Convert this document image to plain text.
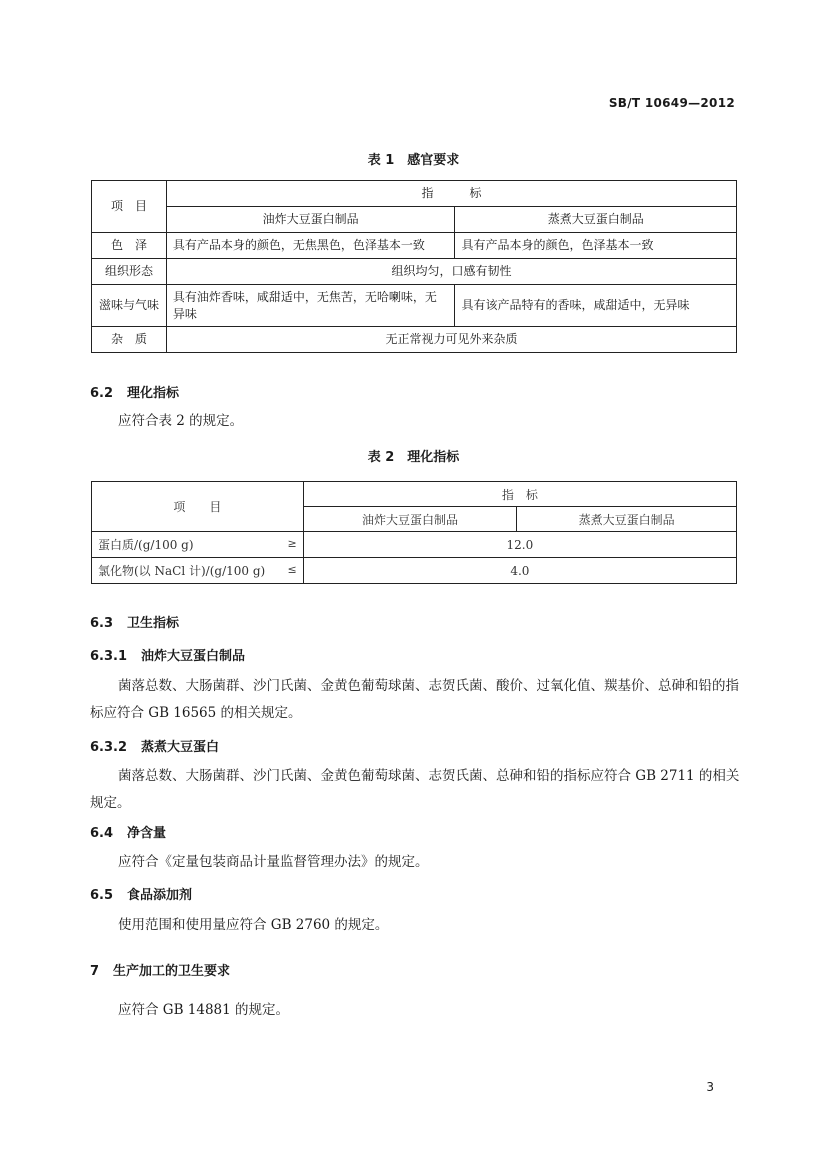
SB/T 10649—2012
表 1　感官要求
项　目	指　　　标	
	油炸大豆蛋白制品	蒸煮大豆蛋白制品
色　泽	具有产品本身的颜色，无焦黑色，色泽基本一致	具有产品本身的颜色，色泽基本一致
组织形态	组织均匀，口感有韧性	
滋味与气味	具有油炸香味，咸甜适中，无焦苦，无哈喇味，无异味	具有该产品特有的香味，咸甜适中，无异味
杂　质	无正常视力可见外来杂质	
6.2 理化指标
应符合表 2 的规定。
表 2　理化指标
项　　目	指　标	
	油炸大豆蛋白制品	蒸煮大豆蛋白制品
蛋白质/(g/100 g) ≥	12.0	
氯化物(以 NaCl 计)/(g/100 g) ≤	4.0	
6.3 卫生指标
6.3.1 油炸大豆蛋白制品
菌落总数、大肠菌群、沙门氏菌、金黄色葡萄球菌、志贺氏菌、酸价、过氧化值、羰基价、总砷和铅的指标应符合 GB 16565 的相关规定。
6.3.2 蒸煮大豆蛋白
菌落总数、大肠菌群、沙门氏菌、金黄色葡萄球菌、志贺氏菌、总砷和铅的指标应符合 GB 2711 的相关规定。
6.4 净含量
应符合《定量包装商品计量监督管理办法》的规定。
6.5 食品添加剂
使用范围和使用量应符合 GB 2760 的规定。
7 生产加工的卫生要求
应符合 GB 14881 的规定。
3
